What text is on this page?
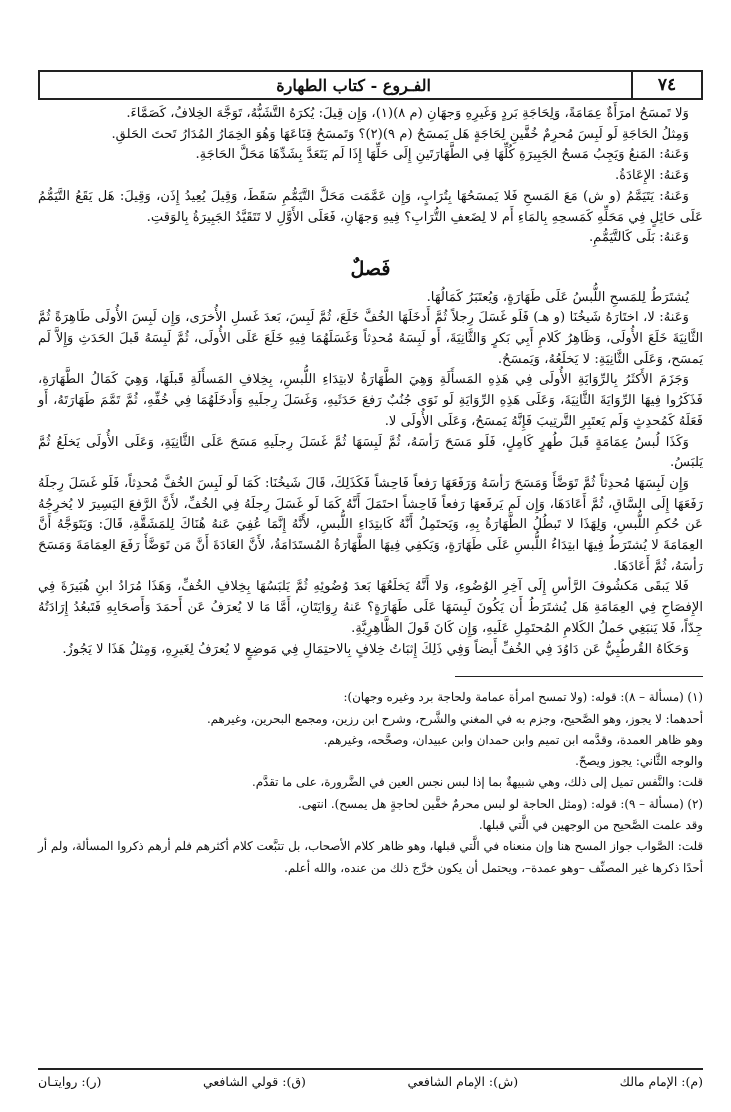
٧٤
الفـروع - كتاب الطهارة

وَلا تَمسَحُ امرَأَةٌ عِمَامَةً، وَلِحَاجَةِ بَردٍ وَغَيرِهِ وَجهَانِ (م ٨)(١)، وَإِن قِيلَ: يُكرَهُ التَّشَبُّهُ، تَوَجَّهَ الخِلافُ، كَصَمَّاءَ.

وَمِثلُ الحَاجَةِ لَو لَبِسَ مُحرِمٌ خُفَّينِ لِحَاجَةٍ هَل يَمسَحُ (م ٩)(٢)؟ وَتَمسَحُ قِنَاعَهَا وَهُوَ الخِمَارُ المُدَارُ تَحتَ الحَلقِ.

وَعَنهُ: المَنعُ وَيَجِبُ مَسحُ الجَبِيرَةِ كُلِّهَا فِي الطَّهَارَتَينِ إِلَى حَلِّهَا إِذَا لَم يَتَعَدَّ بِشَدِّهَا مَحَلَّ الحَاجَةِ.

وَعَنهُ: الإِعَادَةُ.

وَعَنهُ: يَتَيَمَّمُ (و ش) مَعَ المَسحِ فَلا يَمسَحُهَا بِتُرَابٍ، وَإِن عَمَّمَت مَحَلَّ التَّيَمُّمِ سَقَطَ، وَقِيلَ يُعِيدُ إِذَن، وَقِيلَ: هَل يَقَعُ التَّيَمُّمُ عَلَى حَائِلٍ فِي مَحَلِّهِ كَمَسحِهِ بِالمَاءِ أَم لا لِضَعفِ التُّرَابِ؟ فِيهِ وَجهَانِ، فَعَلَى الأَوَّلِ لا تَتَقَيَّدُ الجَبِيرَةُ بِالوَقتِ.

وَعَنهُ: بَلَى كَالتَّيَمُّمِ.

فَصلٌ

يُشتَرَطُ لِلمَسحِ اللُّبسُ عَلَى طَهَارَةٍ، وَيُعتَبَرُ كَمَالُهَا.

وَعَنهُ: لا، اختَارَهُ شَيخُنَا (و هـ) فَلَو غَسَلَ رِجلاً ثُمَّ أَدخَلَهَا الخُفَّ خَلَعَ، ثُمَّ لَبِسَ، بَعدَ غَسلِ الأُخرَى، وَإِن لَبِسَ الأُولَى طَاهِرَةً ثُمَّ الثَّانِيَةَ خَلَعَ الأُولَى، وَظَاهِرُ كَلامِ أَبِي بَكرٍ وَالثَّانِيَةَ، أَو لَبِسَهُ مُحدِثاً وَغَسَلَهُمَا فِيهِ خَلَعَ عَلَى الأُولَى، ثُمَّ لَبِسَهُ قَبلَ الحَدَثِ وَإِلاَّ لَم يَمسَح، وَعَلَى الثَّانِيَةِ: لا يَخلَعُهُ، وَيَمسَحُ.

وَجَزَمَ الأَكثَرُ بِالرِّوَايَةِ الأُولَى فِي هَذِهِ المَسأَلَةِ وَهِيَ الطَّهَارَةُ لابتِدَاءِ اللُّبسِ، بِخِلافِ المَسأَلَةِ قَبلَهَا، وَهِيَ كَمَالُ الطَّهَارَةِ، فَذَكَرُوا فِيهَا الرِّوَايَةَ الثَّانِيَةَ، وَعَلَى هَذِهِ الرِّوَايَةِ لَو نَوَى جُنُبٌ رَفعَ حَدَثَيهِ، وَغَسَلَ رِجلَيهِ وَأَدخَلَهُمَا فِي خُفِّهِ، ثُمَّ تَمَّمَ طَهَارَتَهُ، أَو فَعَلَهُ كَمُحدِثٍ وَلَم يَعتَبِرِ التَّرتِيبَ فَإِنَّهُ يَمسَحُ، وَعَلَى الأُولَى لا.

وَكَذَا لُبسُ عِمَامَةٍ قَبلَ طُهرٍ كَامِلٍ، فَلَو مَسَحَ رَأسَهُ، ثُمَّ لَبِسَهَا ثُمَّ غَسَلَ رِجلَيهِ مَسَحَ عَلَى الثَّانِيَةِ، وَعَلَى الأُولَى يَخلَعُ ثُمَّ يَلبَسُ.

وَإِن لَبِسَهَا مُحدِثاً ثُمَّ تَوَضَّأَ وَمَسَحَ رَأسَهُ وَرَفَعَهَا رَفعاً فَاحِشاً فَكَذَلِكَ، قَالَ شَيخُنَا: كَمَا لَو لَبِسَ الخُفَّ مُحدِثاً، فَلَو غَسَلَ رِجلَهُ رَفَعَهَا إِلَى السَّاقِ، ثُمَّ أَعَادَهَا، وَإِن لَم يَرفَعهَا رَفعاً فَاحِشاً احتَمَلَ أَنَّهُ كَمَا لَو غَسَلَ رِجلَهُ فِي الخُفِّ، لأَنَّ الرَّفعَ اليَسِيرَ لا يُخرِجُهُ عَن حُكمِ اللُّبسِ، وَلِهَذَا لا تَبطُلُ الطَّهَارَةُ بِهِ، وَيَحتَمِلُ أَنَّهُ كَابتِدَاءِ اللُّبسِ، لأَنَّهُ إِنَّمَا عُفِيَ عَنهُ هُنَاكَ لِلمَشَقَّةِ، قَالَ: وَيَتَوَجَّهُ أَنَّ العِمَامَةَ لا يُشتَرَطُ فِيهَا ابتِدَاءُ اللُّبسِ عَلَى طَهَارَةٍ، وَيَكفِي فِيهَا الطَّهَارَةُ المُستَدَامَةُ، لأَنَّ العَادَةَ أَنَّ مَن تَوَضَّأَ رَفَعَ العِمَامَةَ وَمَسَحَ رَأسَهُ، ثُمَّ أَعَادَهَا.

فَلا يَبقَى مَكشُوفَ الرَّأسِ إِلَى آخِرِ الوُضُوءِ، وَلا أَنَّهُ يَخلَعُهَا بَعدَ وُضُوئِهِ ثُمَّ يَلبَسُهَا بِخِلافِ الخُفِّ، وَهَذَا مُرَادُ ابنِ هُبَيرَةَ فِي الإِفصَاحِ فِي العِمَامَةِ هَل يُشتَرَطُ أَن يَكُونَ لَبِسَهَا عَلَى طَهَارَةٍ؟ عَنهُ رِوَايَتَانِ، أَمَّا مَا لا يُعرَفُ عَن أَحمَدَ وَأَصحَابِهِ فَتَبعُدُ إِرَادَتُهُ جِدّاً، فَلا يَنبَغِي حَملُ الكَلامِ المُحتَمِلِ عَلَيهِ، وَإِن كَانَ قَولَ الظَّاهِرِيَّةِ.

وَحَكَاهُ القُرطُبِيُّ عَن دَاوُدَ فِي الخُفِّ أَيضاً وَفِي ذَلِكَ إِثبَاتُ خِلافٍ بِالاحتِمَالِ فِي مَوضِعٍ لا يُعرَفُ لِغَيرِهِ، وَمِثلُ هَذَا لا يَجُوزُ.

(١) (مسألة – ٨): قوله: (ولا تمسح امرأة عمامة ولحاجة برد وغيره وجهان):

أحدهما: لا يجوز، وهو الصَّحيح، وجزم به في المغني والشَّرح، وشرح ابن رزين، ومجمع البحرين، وغيرهم.

وهو ظاهر العمدة، وقدَّمه ابن تميم وابن حمدان وابن عبيدان، وصحَّحه، وغيرهم.

والوجه الثَّاني: يجوز ويصحّ.

قلت: والنَّفس تميل إلى ذلك، وهي شبيهةٌ بما إذا لبس نجس العين في الضَّرورة، على ما تقدَّم.

(٢) (مسألة – ٩): قوله: (ومثل الحاجة لو لبس محرمٌ خفَّين لحاجةٍ هل يمسح). انتهى.

وقد علمت الصَّحيح من الوجهين في الَّتي قبلها.

قلت: الصَّواب جواز المسح هنا وإن منعناه في الَّتي قبلها، وهو ظاهر كلام الأصحاب، بل تتبَّعت كلام أكثرهم فلم أرهم ذكروا المسألة، ولم أر أحدًا ذكرها غير المصنِّف –وهو عمدة–، ويحتمل أن يكون خرَّج ذلك من عنده، والله أعلم.

(م): الإمام مالك
(ش): الإمام الشافعي
(ق): قولي الشافعي
(ر): روايتـان
